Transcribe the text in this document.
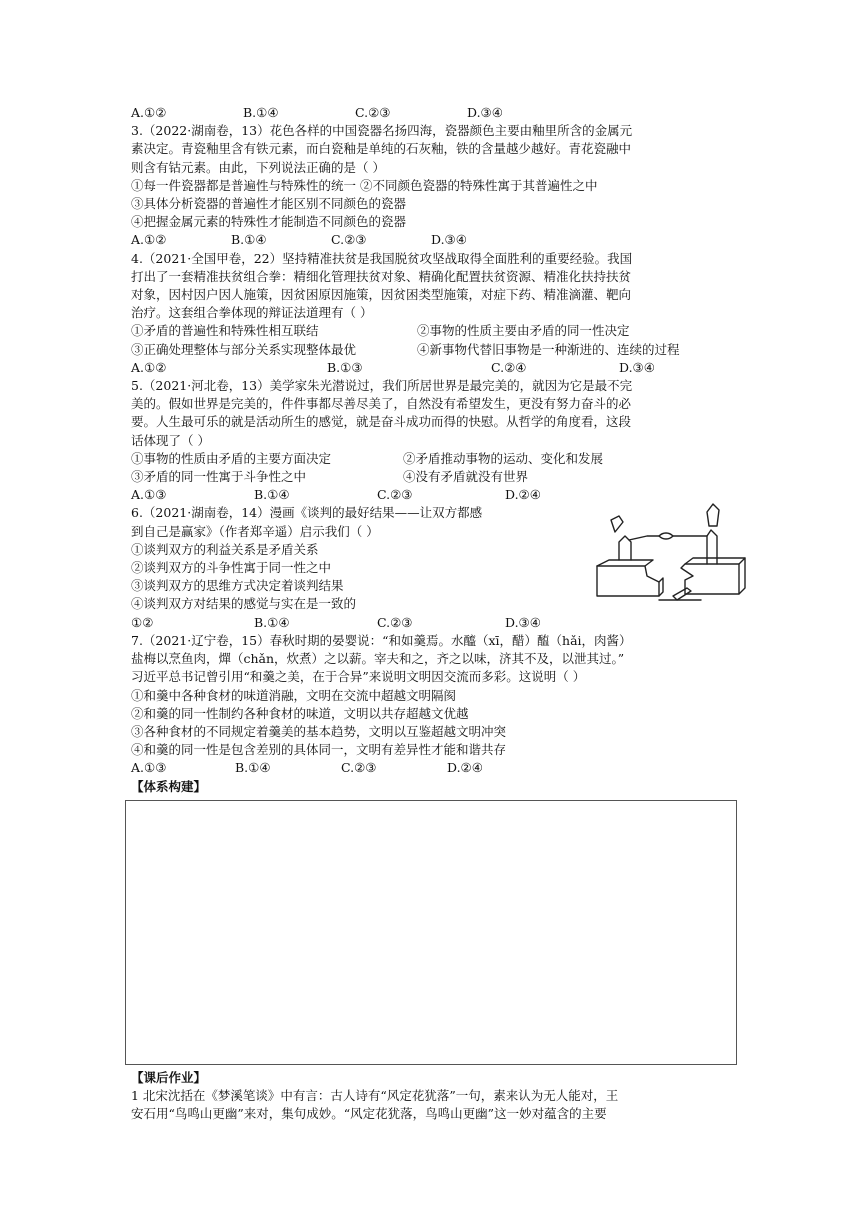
A.①②	B.①④	C.②③	D.③④
3.（2022·湖南卷，13）花色各样的中国瓷器名扬四海，瓷器颜色主要由釉里所含的金属元
素决定。青瓷釉里含有铁元素，而白瓷釉是单纯的石灰釉，铁的含量越少越好。青花瓷融中
则含有钴元素。由此，下列说法正确的是（ ）
①每一件瓷器都是普遍性与特殊性的统一 ②不同颜色瓷器的特殊性寓于其普遍性之中
③具体分析瓷器的普遍性才能区别不同颜色的瓷器
④把握金属元素的特殊性才能制造不同颜色的瓷器
A.①②	B.①④	C.②③	D.③④
4.（2021·全国甲卷，22）坚持精准扶贫是我国脱贫攻坚战取得全面胜利的重要经验。我国
打出了一套精准扶贫组合拳：精细化管理扶贫对象、精确化配置扶贫资源、精准化扶持扶贫
对象，因村因户因人施策，因贫困原因施策，因贫困类型施策，对症下药、精准滴灌、靶向
治疗。这套组合拳体现的辩证法道理有（ ）
①矛盾的普遍性和特殊性相互联结	②事物的性质主要由矛盾的同一性决定
③正确处理整体与部分关系实现整体最优	④新事物代替旧事物是一种渐进的、连续的过程
A.①②	B.①③	C.②④	D.③④
5.（2021·河北卷，13）美学家朱光潜说过，我们所居世界是最完美的，就因为它是最不完
美的。假如世界是完美的，件件事都尽善尽美了，自然没有希望发生，更没有努力奋斗的必
要。人生最可乐的就是活动所生的感觉，就是奋斗成功而得的快慰。从哲学的角度看，这段
话体现了（ ）
①事物的性质由矛盾的主要方面决定	②矛盾推动事物的运动、变化和发展
③矛盾的同一性寓于斗争性之中	④没有矛盾就没有世界
A.①③	B.①④	C.②③	D.②④
6.（2021·湖南卷，14）漫画《谈判的最好结果——让双方都感
到自己是赢家》（作者郑辛遥）启示我们（ ）
①谈判双方的利益关系是矛盾关系
②谈判双方的斗争性寓于同一性之中
③谈判双方的思维方式决定着谈判结果
④谈判双方对结果的感觉与实在是一致的
①②	B.①④	C.②③	D.③④
7.（2021·辽宁卷，15）春秋时期的晏婴说：“和如羹焉。水醯（xī，醋）醢（hǎi，肉酱）
盐梅以烹鱼肉，燀（chǎn，炊煮）之以薪。宰夫和之，齐之以味，济其不及，以泄其过。”
习近平总书记曾引用“和羹之美，在于合异”来说明文明因交流而多彩。这说明（ ）
①和羹中各种食材的味道消融，文明在交流中超越文明隔阂
②和羹的同一性制约各种食材的味道，文明以共存超越文优越
③各种食材的不同规定着羹美的基本趋势，文明以互鉴超越文明冲突
④和羹的同一性是包含差别的具体同一，文明有差异性才能和谐共存
A.①③	B.①④	C.②③	D.②④
【体系构建】
【课后作业】
1 北宋沈括在《梦溪笔谈》中有言：古人诗有“风定花犹落”一句，素来认为无人能对，王
安石用“鸟鸣山更幽”来对，集句成妙。“风定花犹落，鸟鸣山更幽”这一妙对蕴含的主要
